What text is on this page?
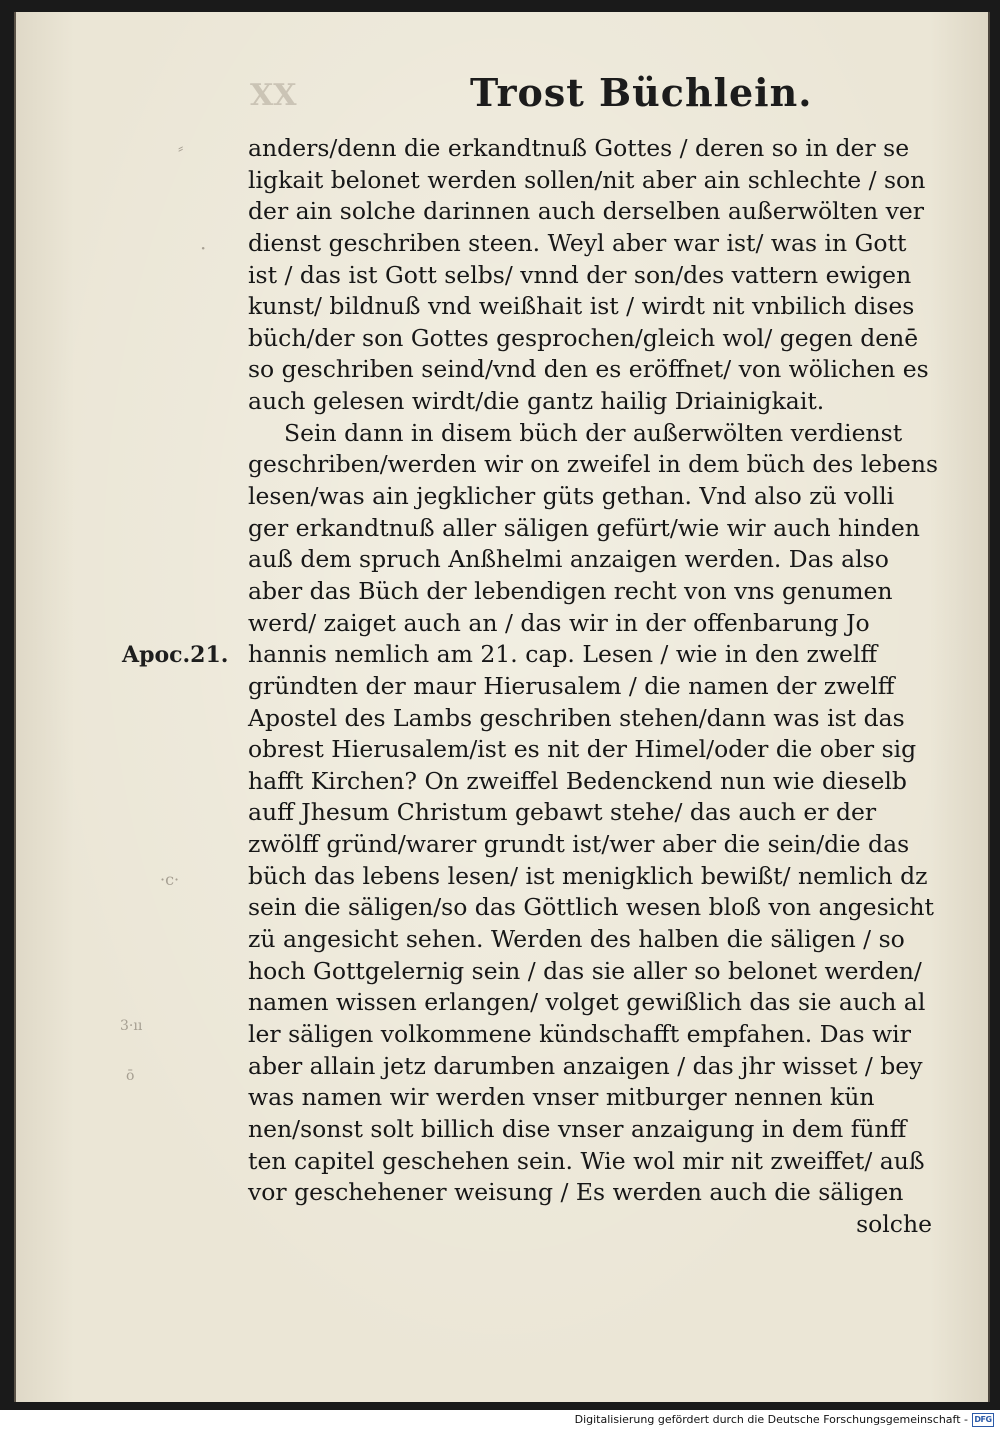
XX	Trost Büchlein.
Apoc.21.
⸗
·
·c·
3·ıı
ō
anders/denn die erkandtnuß Gottes / deren so in der se
ligkait belonet werden sollen/nit aber ain schlechte / son
der ain solche darinnen auch derselben außerwölten ver
dienst geschriben steen. Weyl aber war ist/ was in Gott
ist / das ist Gott selbs/ vnnd der son/des vattern ewigen
kunst/ bildnuß vnd weißhait ist / wirdt nit vnbilich dises
büch/der son Gottes gesprochen/gleich wol/ gegen denē
so geschriben seind/vnd den es eröffnet/ von wölichen es
auch gelesen wirdt/die gantz hailig Driainigkait.
Sein dann in disem büch der außerwölten verdienst
geschriben/werden wir on zweifel in dem büch des lebens
lesen/was ain jegklicher güts gethan. Vnd also zü volli
ger erkandtnuß aller säligen gefürt/wie wir auch hinden
auß dem spruch Anßhelmi anzaigen werden. Das also
aber das Büch der lebendigen recht von vns genumen
werd/ zaiget auch an / das wir in der offenbarung Jo
hannis nemlich am 21. cap. Lesen / wie in den zwelff
gründten der maur Hierusalem / die namen der zwelff
Apostel des Lambs geschriben stehen/dann was ist das
obrest Hierusalem/ist es nit der Himel/oder die ober sig
hafft Kirchen? On zweiffel Bedenckend nun wie dieselb
auff Jhesum Christum gebawt stehe/ das auch er der
zwölff gründ/warer grundt ist/wer aber die sein/die das
büch das lebens lesen/ ist menigklich bewißt/ nemlich dz
sein die säligen/so das Göttlich wesen bloß von angesicht
zü angesicht sehen. Werden des halben die säligen / so
hoch Gottgelernig sein / das sie aller so belonet werden/
namen wissen erlangen/ volget gewißlich das sie auch al
ler säligen volkommene kündschafft empfahen. Das wir
aber allain jetz darumben anzaigen / das jhr wisset / bey
was namen wir werden vnser mitburger nennen kün
nen/sonst solt billich dise vnser anzaigung in dem fünff
ten capitel geschehen sein. Wie wol mir nit zweiffet/ auß
vor geschehener weisung / Es werden auch die säligen
solche
Digitalisierung gefördert durch die Deutsche Forschungsgemeinschaft - DFG
